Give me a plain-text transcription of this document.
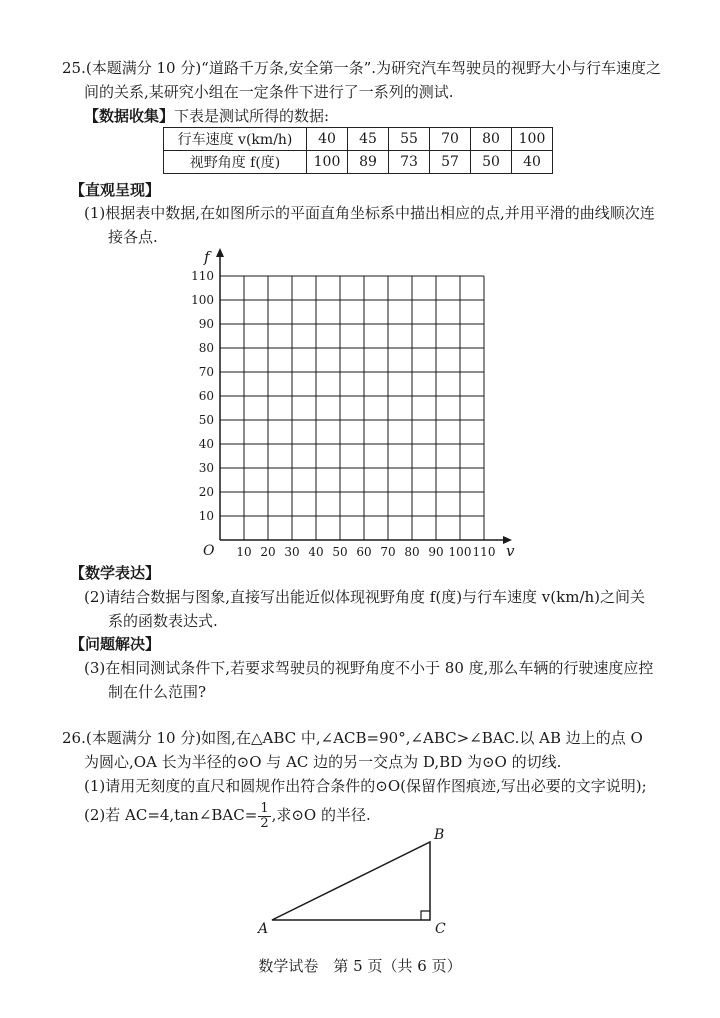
25.(本题满分 10 分)“道路千万条,安全第一条”.为研究汽车驾驶员的视野大小与行车速度之
间的关系,某研究小组在一定条件下进行了一系列的测试.
【数据收集】下表是测试所得的数据:
行车速度 v(km/h)	40	45	55	70	80	100
视野角度 f(度)	100	89	73	57	50	40
【直观呈现】
(1)根据表中数据,在如图所示的平面直角坐标系中描出相应的点,并用平滑的曲线顺次连
接各点.
10 20 30 40 50 60 70 80 90 100 110
10
20
30
40
50
60
70
80
90
100
110
f
v
O
【数学表达】
(2)请结合数据与图象,直接写出能近似体现视野角度 f(度)与行车速度 v(km/h)之间关
系的函数表达式.
【问题解决】
(3)在相同测试条件下,若要求驾驶员的视野角度不小于 80 度,那么车辆的行驶速度应控
制在什么范围?
26.(本题满分 10 分)如图,在△ABC 中,∠ACB=90°,∠ABC>∠BAC.以 AB 边上的点 O
为圆心,OA 长为半径的⊙O 与 AC 边的另一交点为 D,BD 为⊙O 的切线.
(1)请用无刻度的直尺和圆规作出符合条件的⊙O(保留作图痕迹,写出必要的文字说明);
(2)若 AC=4,tan∠BAC= $\frac{1}{2}$ ,求⊙O 的半径.
A
B
C
数学试卷　第 5 页（共 6 页）
